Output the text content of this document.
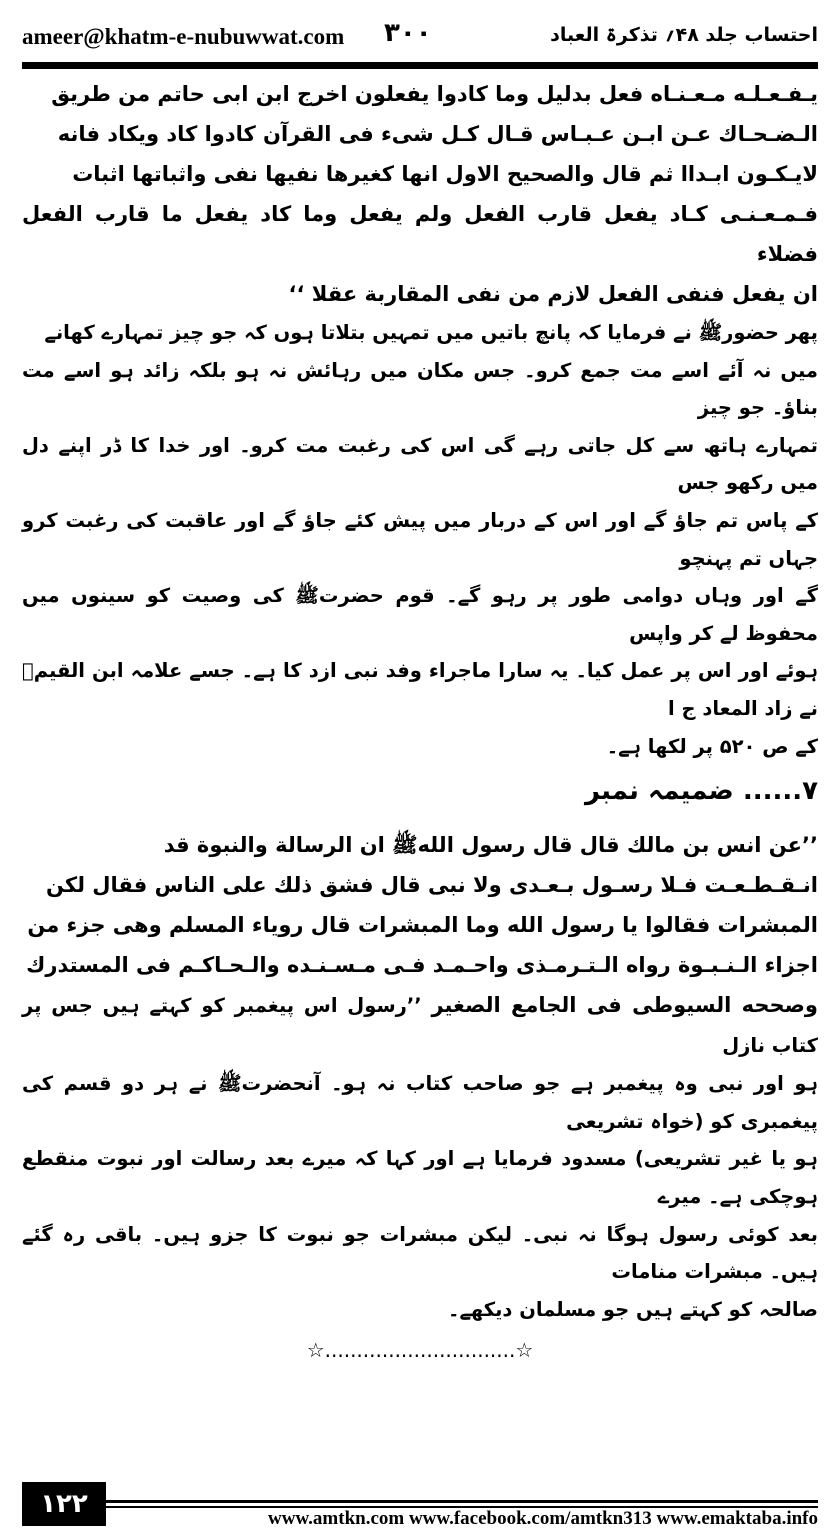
ameer@khatm-e-nubuwwat.com ۳۰۰	احتساب جلد ۴۸؍ تذکرۃ العباد
یـفـعـلـه مـعـنـاه فعل بدليل وما كادوا يفعلون اخرج ابن ابی حاتم من طريق
الـضـحـاك عـن ابـن عـبـاس قـال كـل شیء فی القرآن كادوا كاد ويكاد فانه
لايـكـون ابـدا‌ا ثم قال والصحيح الاول انها كغيرها نفيها نفی واثباتها اثبات
فـمـعـنـی كـاد يفعل قارب الفعل ولم يفعل وما كاد يفعل ما قارب الفعل فضلاء
ان يفعل فنفی الفعل لازم من نفی المقاربة عقلا ‘‘
پھر حضورﷺ نے فرمایا کہ پانچ باتیں میں تمہیں بتلاتا ہوں کہ جو چیز تمہارے کھانے
میں نہ آئے اسے مت جمع کرو۔ جس مکان میں رہائش نہ ہو بلکہ زائد ہو اسے مت بناؤ۔ جو چیز
تمہارے ہاتھ سے کل جاتی رہے گی اس کی رغبت مت کرو۔ اور خدا کا ڈر اپنے دل میں رکھو جس
کے پاس تم جاؤ گے اور اس کے دربار میں پیش کئے جاؤ گے اور عاقبت کی رغبت کرو جہاں تم پہنچو
گے اور وہاں دوامی طور پر رہو گے۔ قوم حضرتﷺ کی وصیت کو سینوں میں محفوظ لے کر واپس
ہوئے اور اس پر عمل کیا۔ یہ سارا ماجراء وفد نبی ازد کا ہے۔ جسے علامہ ابن القیمؒ نے زاد المعاد ج ا
کے ص ۵۲۰ پر لکھا ہے۔
۷...... ضمیمہ نمبر
’’عن انس بن مالك قال قال رسول اللهﷺ ان الرسالة والنبوة قد
انـقـطـعـت فـلا رسـول بـعـدی ولا نبی قال فشق ذلك علی الناس فقال لكن
المبشرات فقالوا يا رسول الله وما المبشرات قال روياء المسلم وهی جزء من
اجزاء الـنـبـوة رواه الـتـرمـذی واحـمـد فـی مـسـنـده والـحـاكـم فی المستدرك
وصححه السيوطی فی الجامع الصغير ’’رسول اس پیغمبر کو کہتے ہیں جس پر کتاب نازل
ہو اور نبی وہ پیغمبر ہے جو صاحب کتاب نہ ہو۔ آنحضرتﷺ نے ہر دو قسم کی پیغمبری کو (خواہ تشریعی
ہو یا غیر تشریعی) مسدود فرمایا ہے اور کہا کہ میرے بعد رسالت اور نبوت منقطع ہوچکی ہے۔ میرے
بعد کوئی رسول ہوگا نہ نبی۔ لیکن مبشرات جو نبوت کا جزو ہیں۔ باقی رہ گئے ہیں۔ مبشرات منامات
صالحہ کو کہتے ہیں جو مسلمان دیکھے۔
☆..............................☆
۱۲۲	www.amtkn.com www.facebook.com/amtkn313 www.emaktaba.info
